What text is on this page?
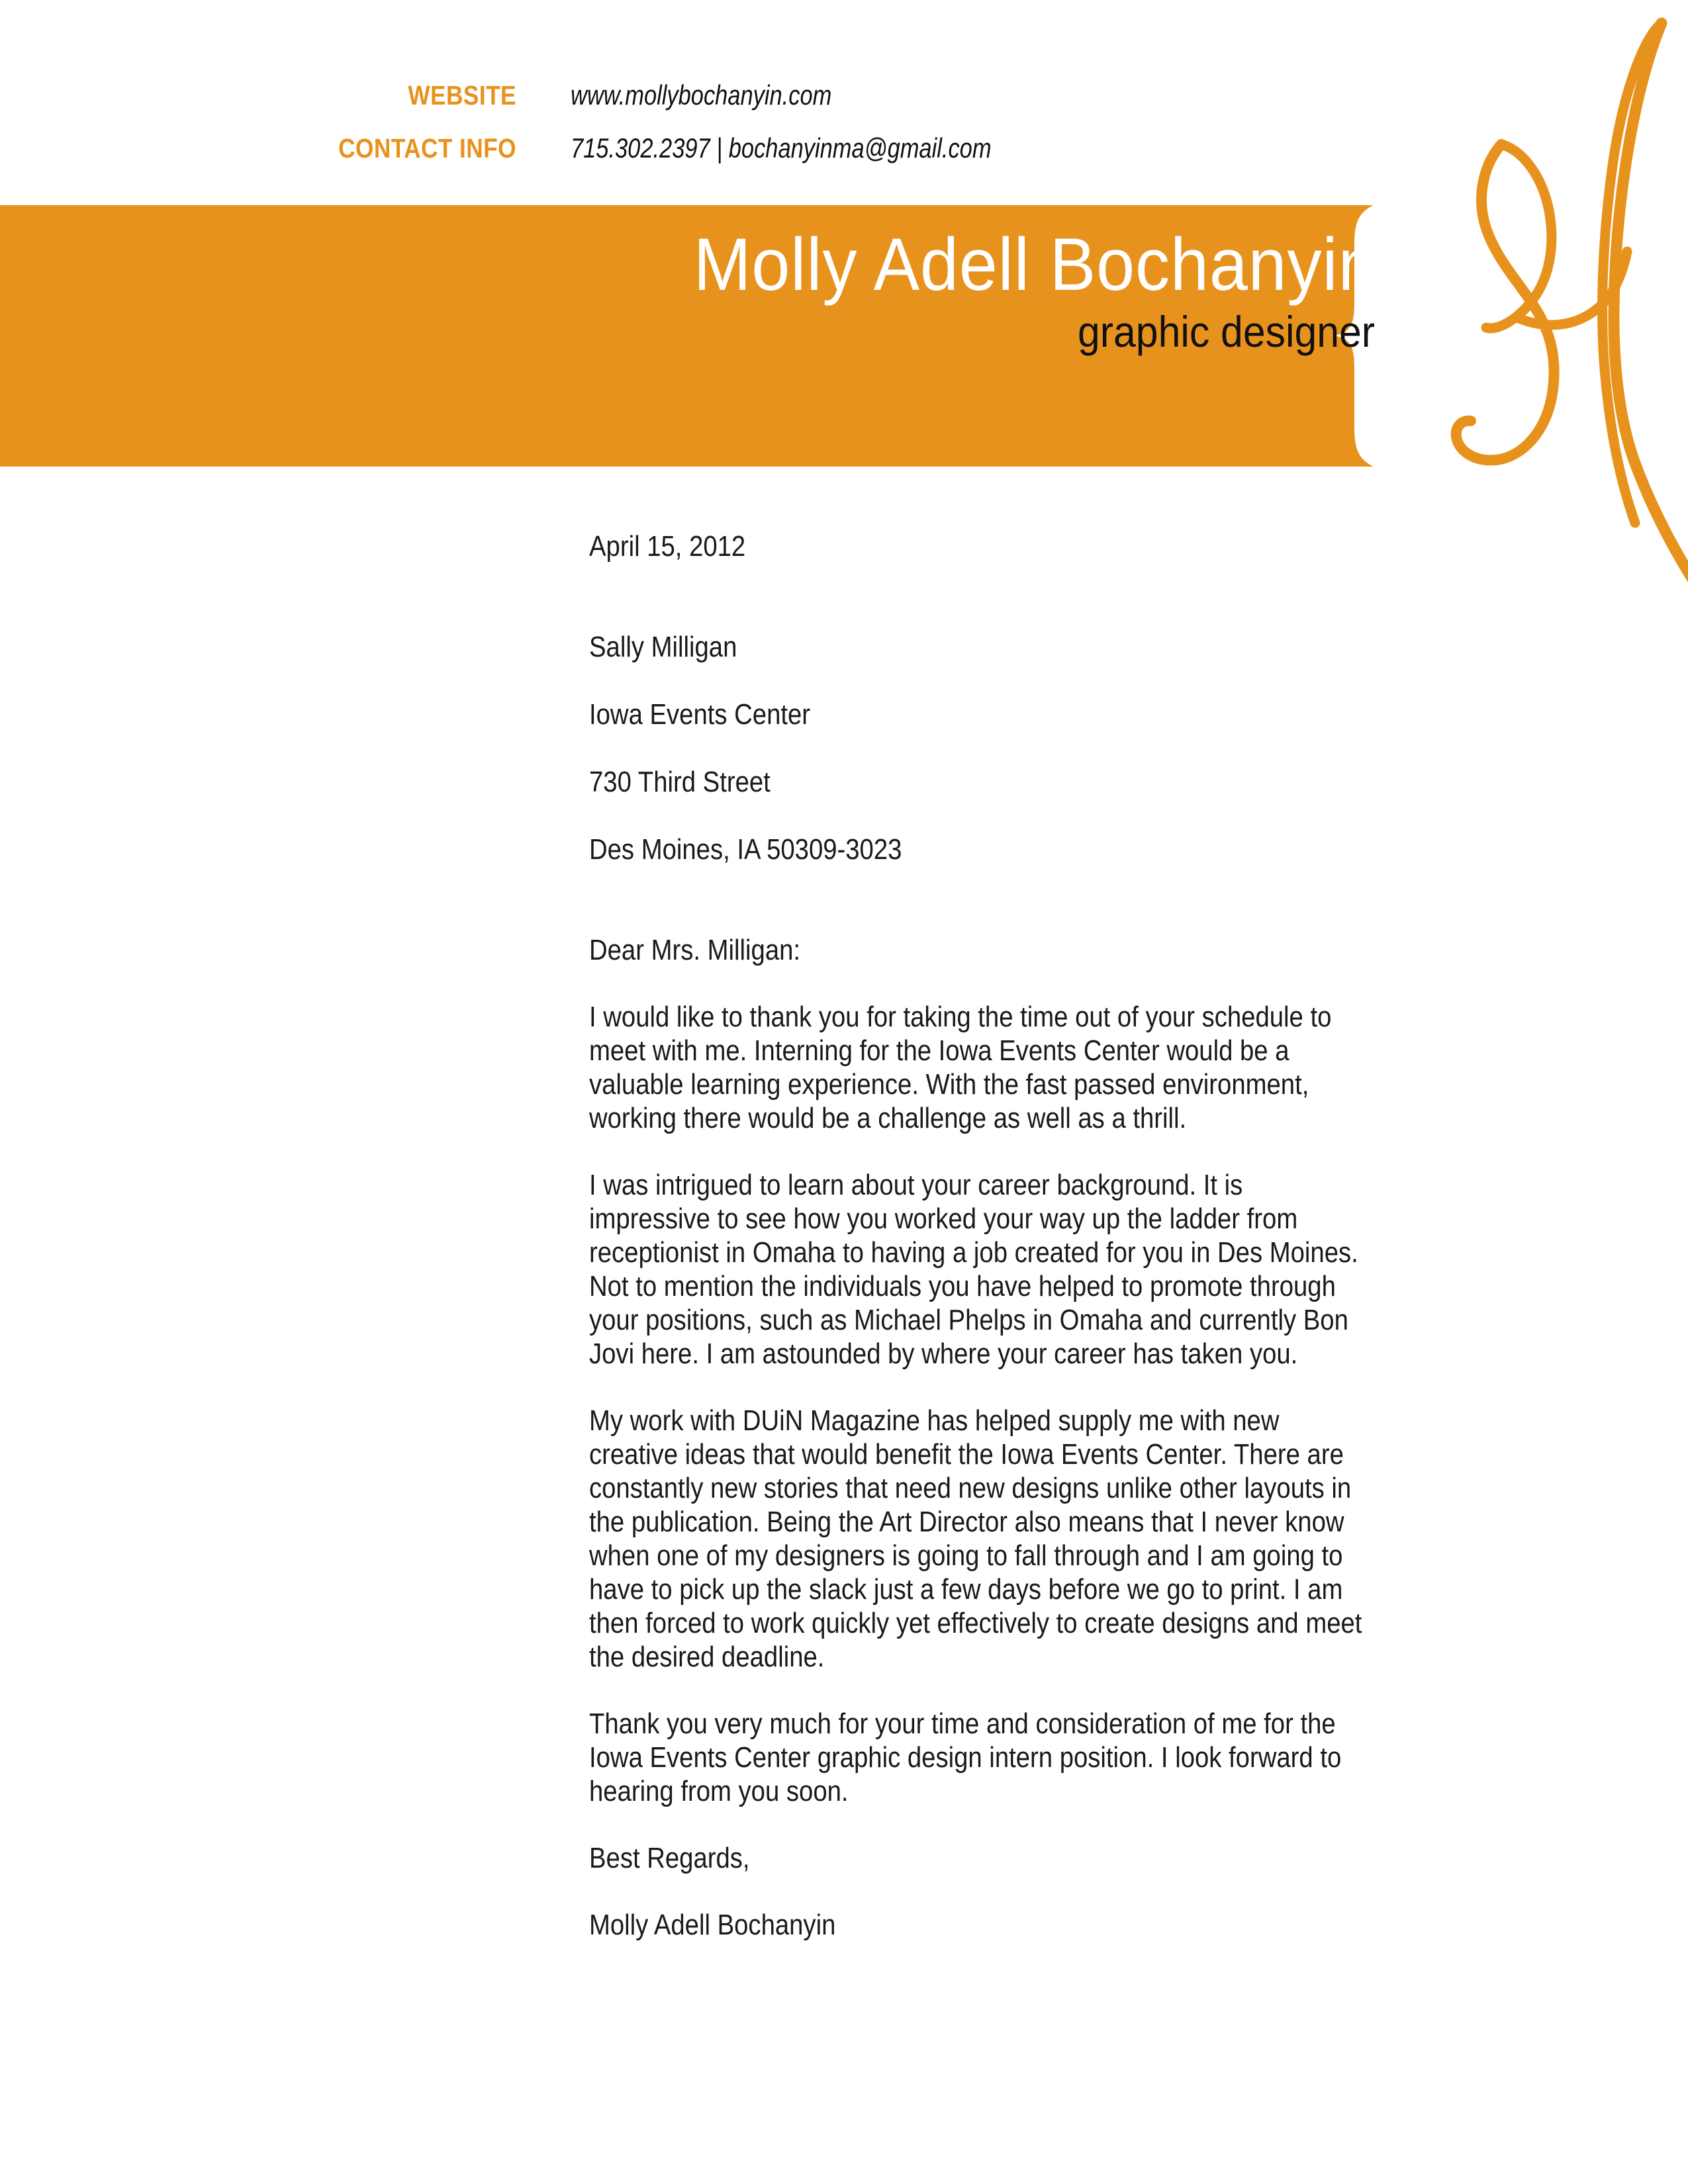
WEBSITE www.mollybochanyin.com
CONTACT INFO 715.302.2397 | bochanyinma@gmail.com
Molly Adell Bochanyin
graphic designer

April 15, 2012

Sally Milligan

Iowa Events Center

730 Third Street

Des Moines, IA 50309-3023

Dear Mrs. Milligan:

I would like to thank you for taking the time out of your schedule to meet with me. Interning for the Iowa Events Center would be a valuable learning experience. With the fast passed environment, working there would be a challenge as well as a thrill.

I was intrigued to learn about your career background. It is impressive to see how you worked your way up the ladder from receptionist in Omaha to having a job created for you in Des Moines. Not to mention the individuals you have helped to promote through your positions, such as Michael Phelps in Omaha and currently Bon Jovi here. I am astounded by where your career has taken you.

My work with DUiN Magazine has helped supply me with new creative ideas that would benefit the Iowa Events Center. There are constantly new stories that need new designs unlike other layouts in the publication. Being the Art Director also means that I never know when one of my designers is going to fall through and I am going to have to pick up the slack just a few days before we go to print. I am then forced to work quickly yet effectively to create designs and meet the desired deadline.

Thank you very much for your time and consideration of me for the Iowa Events Center graphic design intern position. I look forward to hearing from you soon.

Best Regards,

Molly Adell Bochanyin
